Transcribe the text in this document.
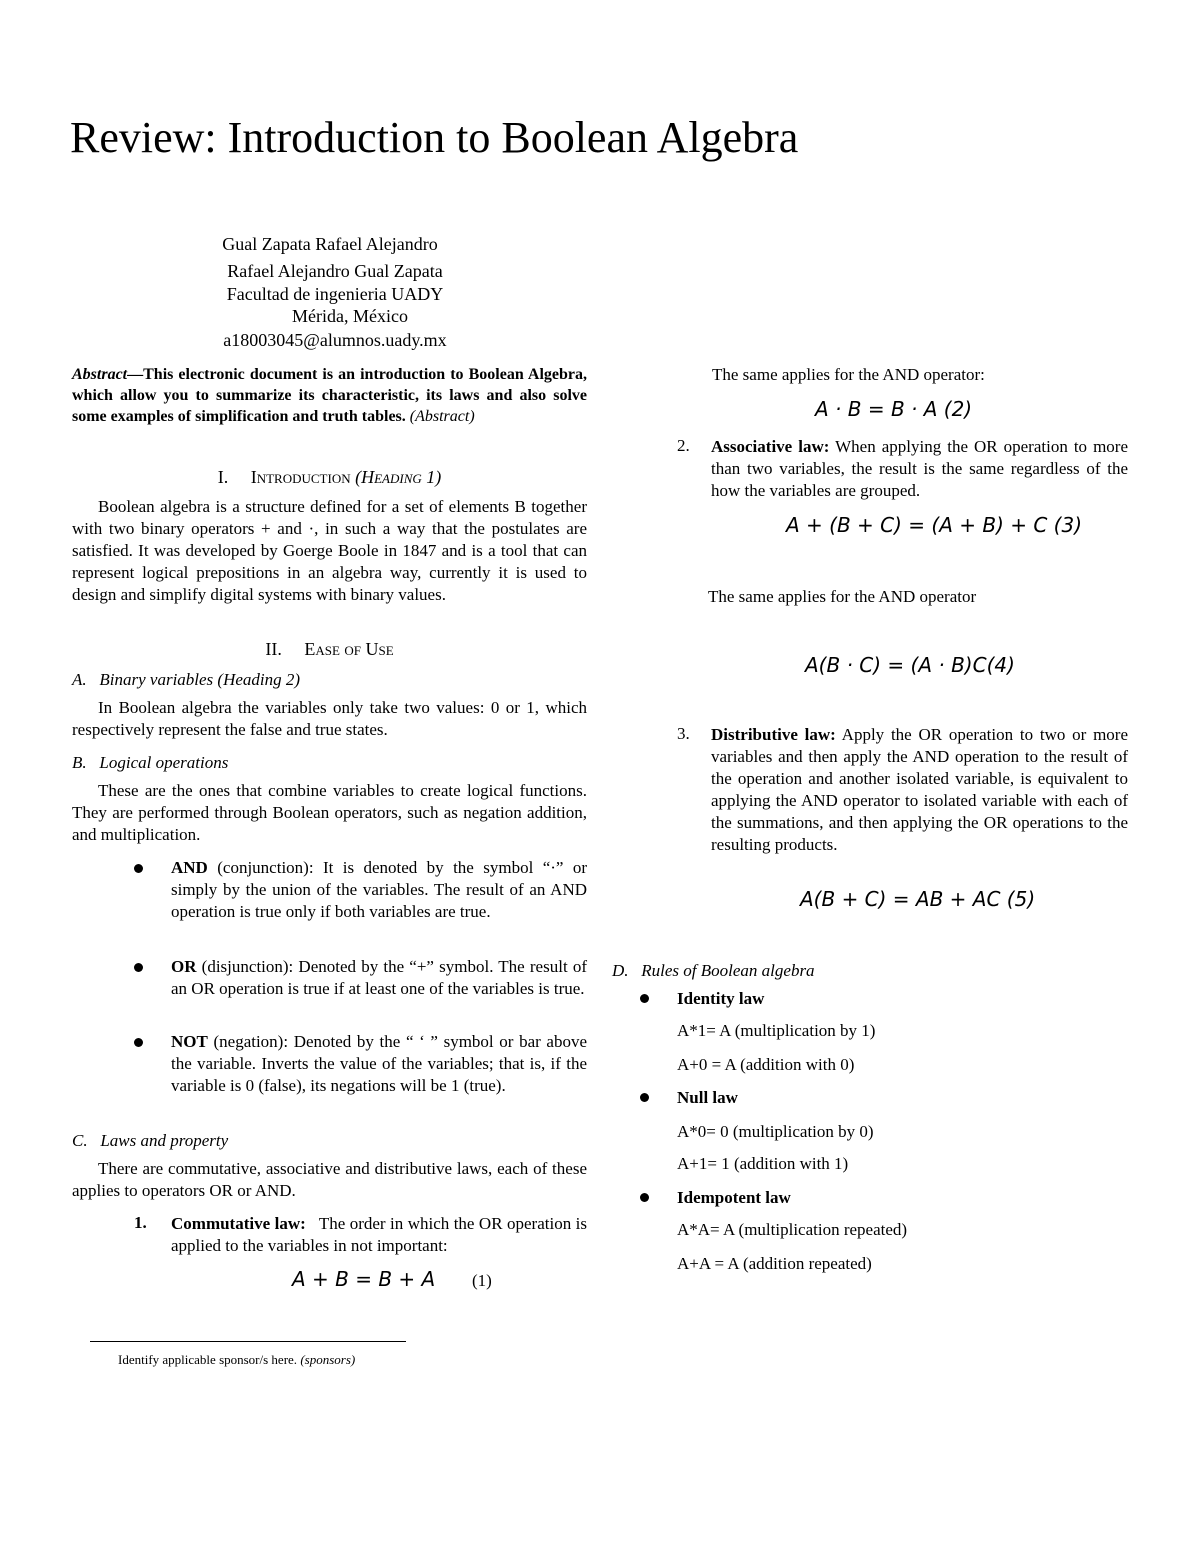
Review: Introduction to Boolean Algebra
Gual Zapata Rafael Alejandro
Rafael Alejandro Gual Zapata
Facultad de ingenieria UADY
Mérida, México
a18003045@alumnos.uady.mx
Abstract—This electronic document is an introduction to Boolean Algebra, which allow you to summarize its characteristic, its laws and also solve some examples of simplification and truth tables. (Abstract)
I. Introduction (Heading 1)
Boolean algebra is a structure defined for a set of elements B together with two binary operators + and ·, in such a way that the postulates are satisfied. It was developed by Goerge Boole in 1847 and is a tool that can represent logical prepositions in an algebra way, currently it is used to design and simplify digital systems with binary values.
II. Ease of Use
A. Binary variables (Heading 2)
In Boolean algebra the variables only take two values: 0 or 1, which respectively represent the false and true states.
B. Logical operations
These are the ones that combine variables to create logical functions. They are performed through Boolean operators, such as negation addition, and multiplication.
AND (conjunction): It is denoted by the symbol “·” or simply by the union of the variables. The result of an AND operation is true only if both variables are true.
OR (disjunction): Denoted by the “+” symbol. The result of an OR operation is true if at least one of the variables is true.
NOT (negation): Denoted by the “ ‘ ” symbol or bar above the variable. Inverts the value of the variables; that is, if the variable is 0 (false), its negations will be 1 (true).
C. Laws and property
There are commutative, associative and distributive laws, each of these applies to operators OR or AND.
1. Commutative law: The order in which the OR operation is applied to the variables in not important:
A + B = B + A (1)
Identify applicable sponsor/s here. (sponsors)
The same applies for the AND operator:
A · B = B · A (2)
2. Associative law: When applying the OR operation to more than two variables, the result is the same regardless of the how the variables are grouped.
A + (B + C) = (A + B) + C (3)
The same applies for the AND operator
A(B · C) = (A · B)C(4)
3. Distributive law: Apply the OR operation to two or more variables and then apply the AND operation to the result of the operation and another isolated variable, is equivalent to applying the AND operator to isolated variable with each of the summations, and then applying the OR operations to the resulting products.
A(B + C) = AB + AC (5)
D. Rules of Boolean algebra
Identity law
A*1= A (multiplication by 1)
A+0 = A (addition with 0)
Null law
A*0= 0 (multiplication by 0)
A+1= 1 (addition with 1)
Idempotent law
A*A= A (multiplication repeated)
A+A = A (addition repeated)
